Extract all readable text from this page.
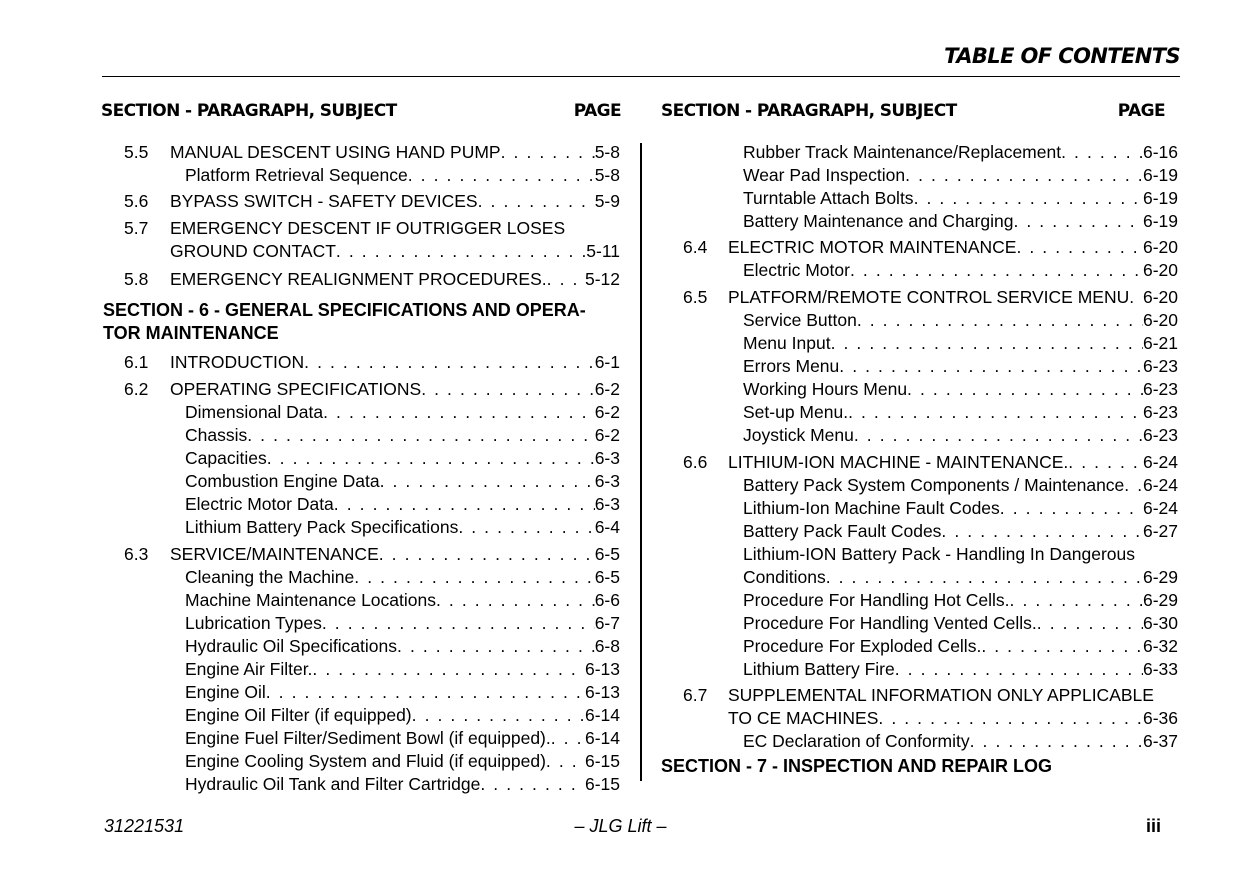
TABLE OF CONTENTS
SECTION - PARAGRAPH, SUBJECT	PAGE SECTION - PARAGRAPH, SUBJECT	PAGE
5.5 MANUAL DESCENT USING HAND PUMP . . .	5-8
Platform Retrieval Sequence . . .	5-8
5.6 BYPASS SWITCH - SAFETY DEVICES . . .	5-9
5.7 EMERGENCY DESCENT IF OUTRIGGER LOSES
GROUND CONTACT . . .	5-11
5.8 EMERGENCY REALIGNMENT PROCEDURES. . . . 5-12
6.1 INTRODUCTION . . .	6-1
6.2 OPERATING SPECIFICATIONS . . .	6-2
Dimensional Data . . .	6-2
Chassis . . .	6-2
Capacities . . .	6-3
Combustion Engine Data . . .	6-3
Electric Motor Data . . .	6-3
Lithium Battery Pack Specifications . . .	6-4
6.3 SERVICE/MAINTENANCE . . .	6-5
Cleaning the Machine . . .	6-5
Machine Maintenance Locations . . .	6-6
Lubrication Types . . .	6-7
Hydraulic Oil Specifications . . .	6-8
Engine Air Filter. . . .	6-13
Engine Oil . . .	6-13
Engine Oil Filter (if equipped) . . .	6-14
Engine Fuel Filter/Sediment Bowl (if equipped). . . . 6-14
Engine Cooling System and Fluid (if equipped) . . . 6-15
Hydraulic Oil Tank and Filter Cartridge . . .	6-15
SECTION - 6 - GENERAL SPECIFICATIONS AND OPERA-
TOR MAINTENANCE
Rubber Track Maintenance/Replacement . . .	6-16
Wear Pad Inspection . . .	6-19
Turntable Attach Bolts . . .	6-19
Battery Maintenance and Charging . . .	6-19
6.4 ELECTRIC MOTOR MAINTENANCE . . .	6-20
Electric Motor . . .	6-20
6.5 PLATFORM/REMOTE CONTROL SERVICE MENU . . . 6-20
Service Button . . .	6-20
Menu Input . . .	6-21
Errors Menu . . .	6-23
Working Hours Menu . . .	6-23
Set-up Menu. . . .	6-23
Joystick Menu . . .	6-23
6.6 LITHIUM-ION MACHINE - MAINTENANCE. . . .	6-24
Battery Pack System Components / Maintenance . . . 6-24
Lithium-Ion Machine Fault Codes . . .	6-24
Battery Pack Fault Codes . . .	6-27
Lithium-ION Battery Pack - Handling In Dangerous
Conditions . . .	6-29
Procedure For Handling Hot Cells. . . .	6-29
Procedure For Handling Vented Cells. . . .	6-30
Procedure For Exploded Cells. . . .	6-32
Lithium Battery Fire . . .	6-33
6.7 SUPPLEMENTAL INFORMATION ONLY APPLICABLE
TO CE MACHINES . . .	6-36
EC Declaration of Conformity . . .	6-37
SECTION - 7 - INSPECTION AND REPAIR LOG
31221531	– JLG Lift –	iii
